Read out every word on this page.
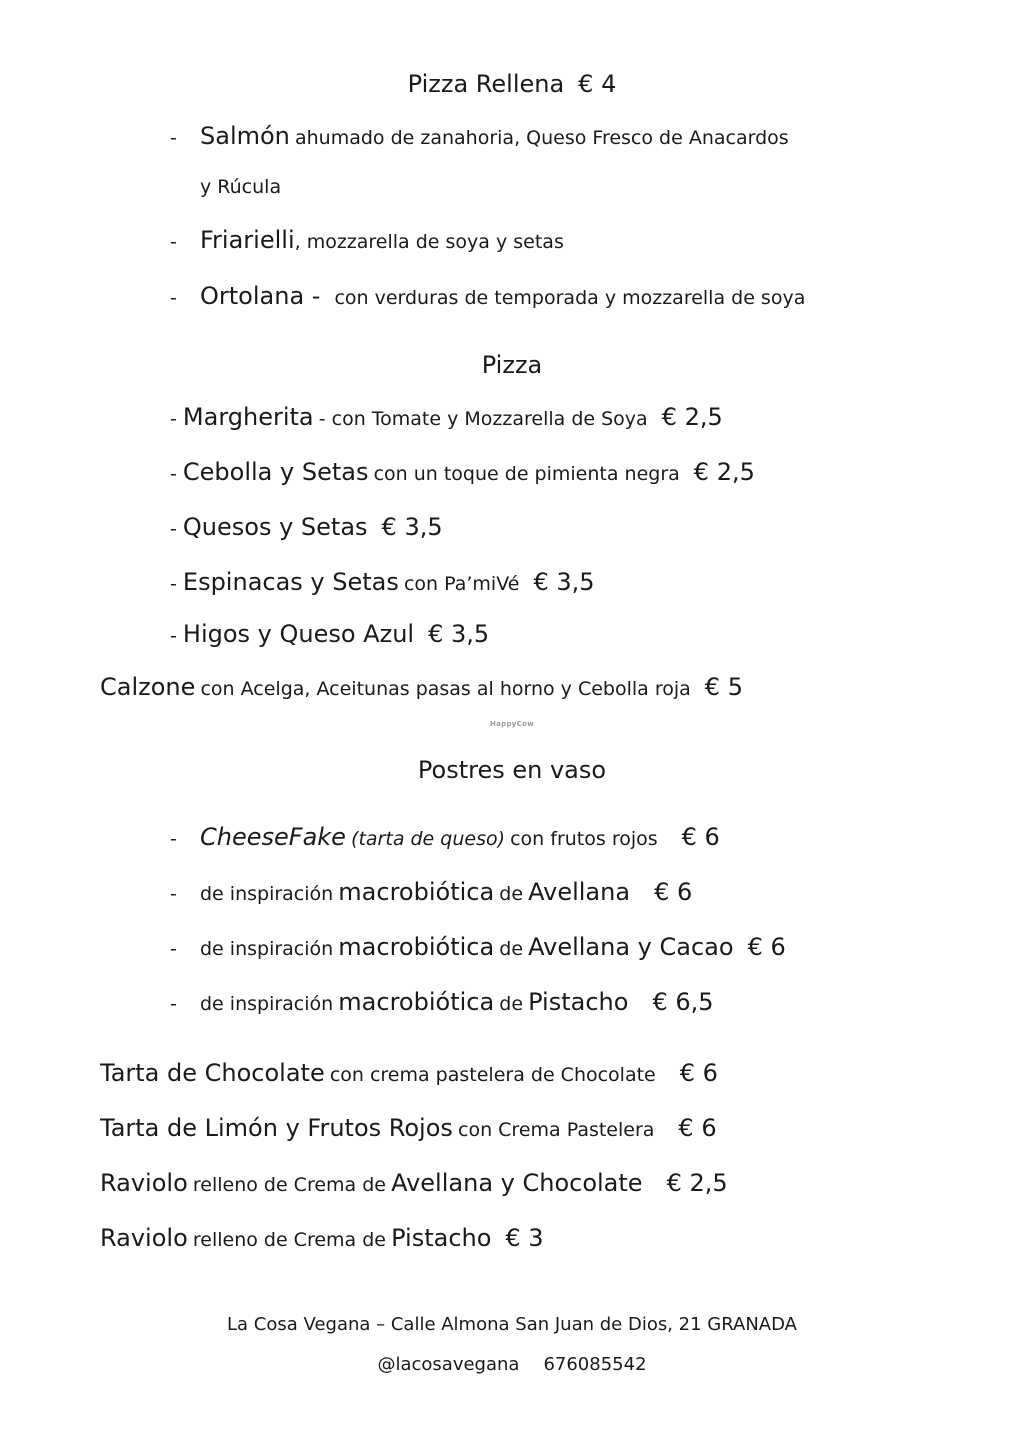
Pizza Rellena € 4
- Salmón ahumado de zanahoria, Queso Fresco de Anacardos
y Rúcula
- Friarielli, mozzarella de soya y setas
- Ortolana - con verduras de temporada y mozzarella de soya
Pizza
- Margherita - con Tomate y Mozzarella de Soya € 2,5
- Cebolla y Setas con un toque de pimienta negra € 2,5
- Quesos y Setas € 3,5
- Espinacas y Setas con Pa’miVé € 3,5
- Higos y Queso Azul € 3,5
Calzone con Acelga, Aceitunas pasas al horno y Cebolla roja € 5
HappyCow
Postres en vaso
- CheeseFake (tarta de queso) con frutos rojos € 6
- de inspiración macrobiótica de Avellana € 6
- de inspiración macrobiótica de Avellana y Cacao € 6
- de inspiración macrobiótica de Pistacho € 6,5
Tarta de Chocolate con crema pastelera de Chocolate € 6
Tarta de Limón y Frutos Rojos con Crema Pastelera € 6
Raviolo relleno de Crema de Avellana y Chocolate € 2,5
Raviolo relleno de Crema de Pistacho € 3
La Cosa Vegana – Calle Almona San Juan de Dios, 21 GRANADA
@lacosavegana 676085542
